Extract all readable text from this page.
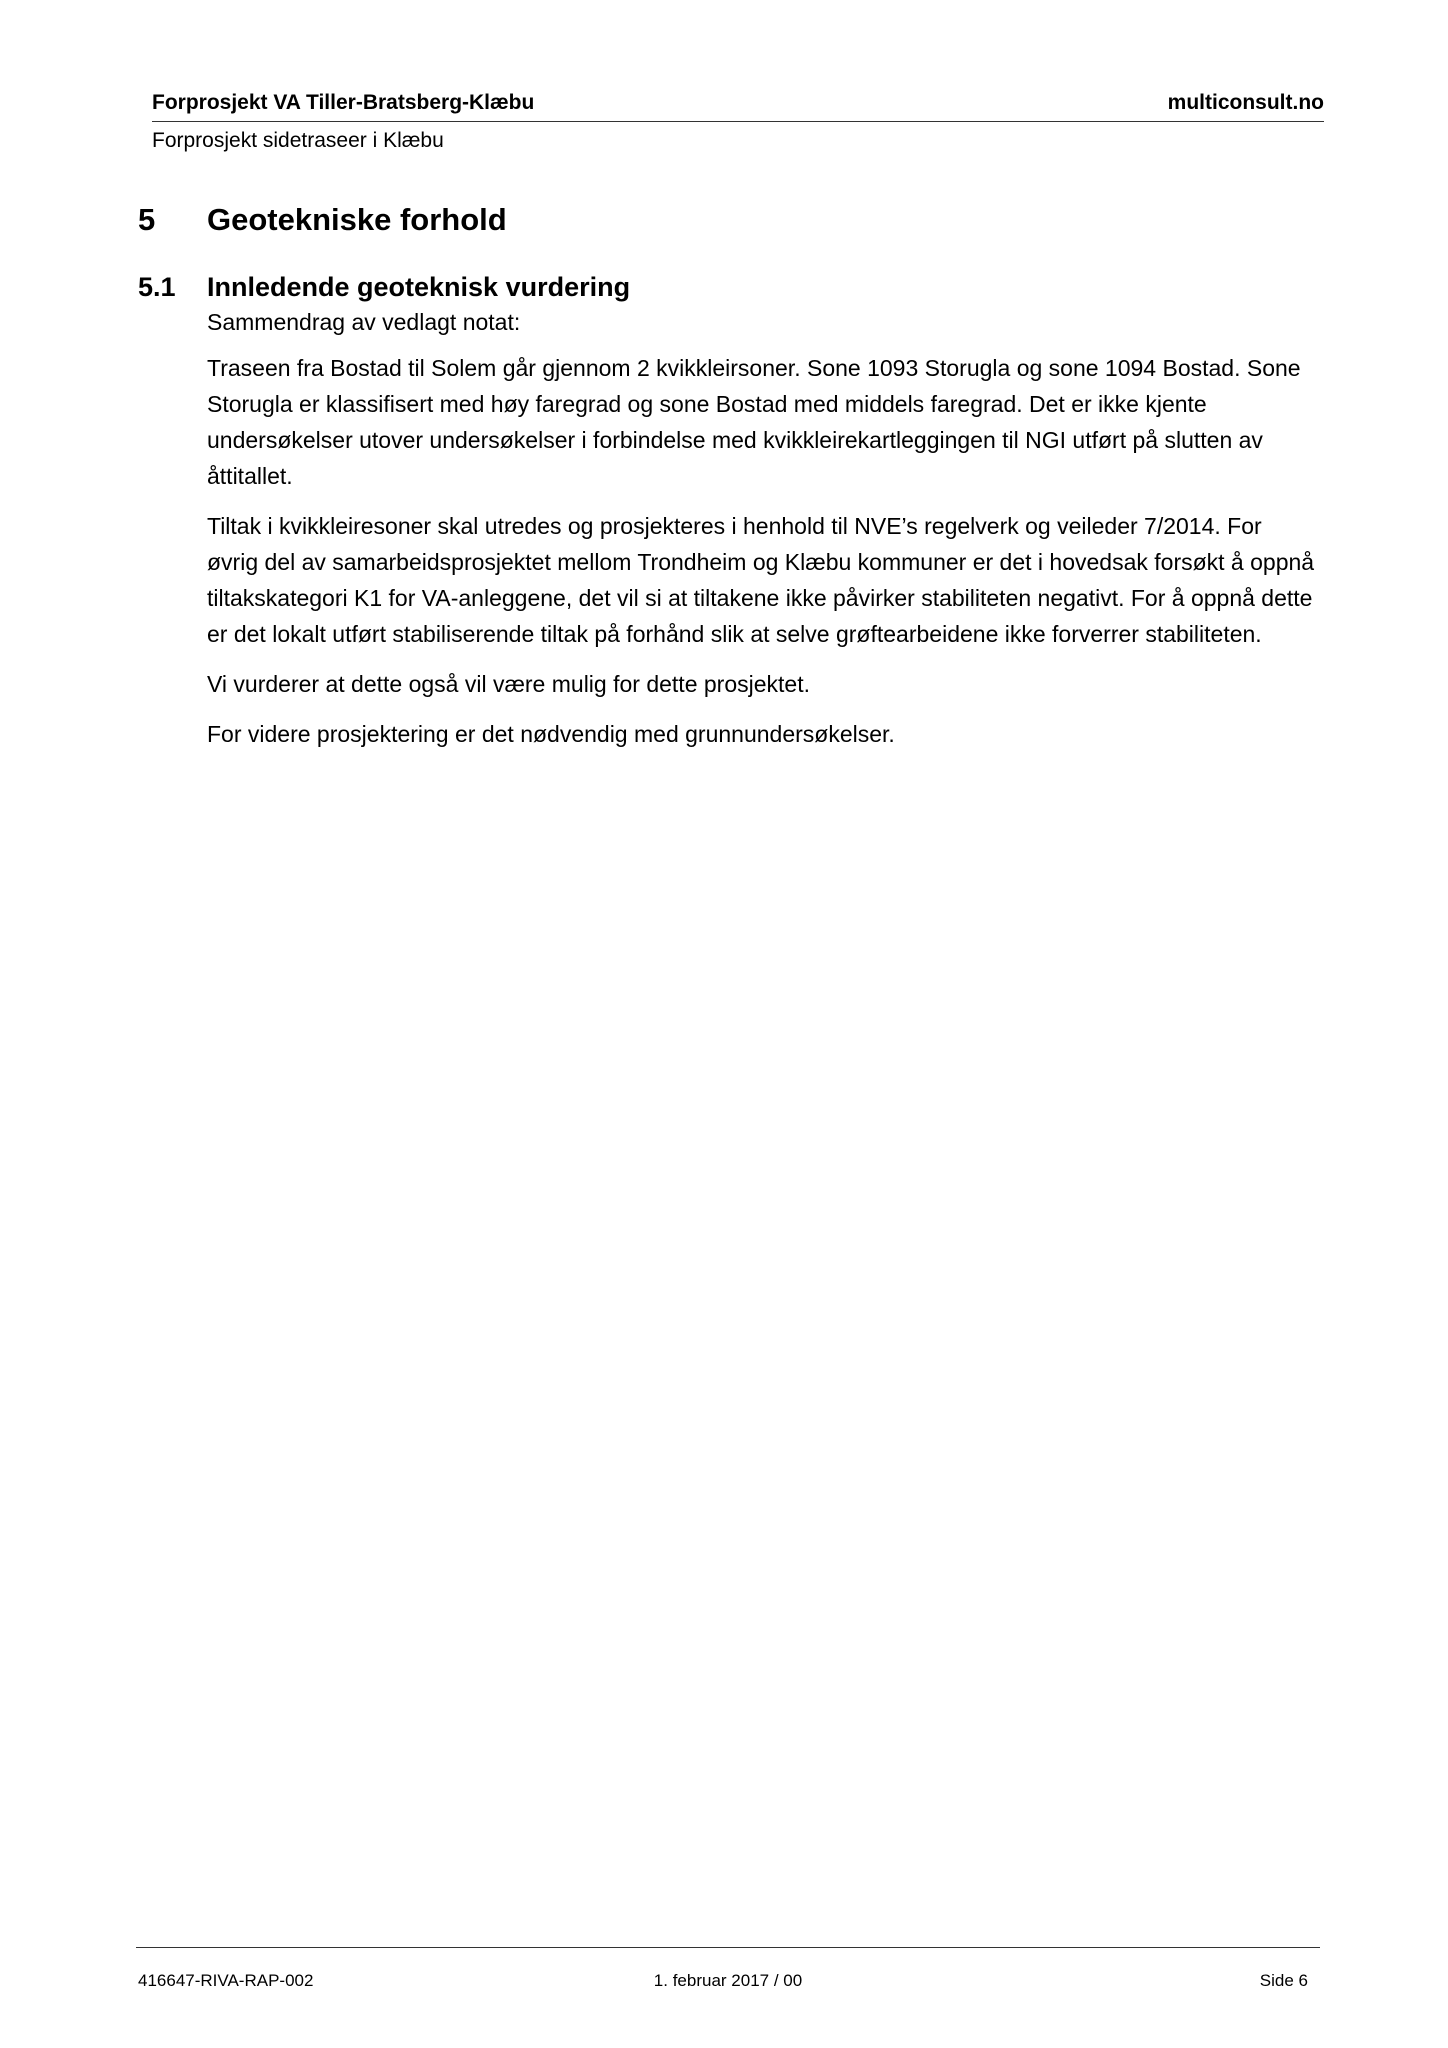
Forprosjekt VA Tiller-Bratsberg-Klæbu	multiconsult.no
Forprosjekt sidetraseer i Klæbu
5 Geotekniske forhold
5.1 Innledende geoteknisk vurdering

Sammendrag av vedlagt notat:

Traseen fra Bostad til Solem går gjennom 2 kvikkleirsoner. Sone 1093 Storugla og sone 1094 Bostad. Sone Storugla er klassifisert med høy faregrad og sone Bostad med middels faregrad. Det er ikke kjente undersøkelser utover undersøkelser i forbindelse med kvikkleirekartleggingen til NGI utført på slutten av åttitallet.

Tiltak i kvikkleiresoner skal utredes og prosjekteres i henhold til NVE’s regelverk og veileder 7/2014. For øvrig del av samarbeidsprosjektet mellom Trondheim og Klæbu kommuner er det i hovedsak forsøkt å oppnå tiltakskategori K1 for VA-anleggene, det vil si at tiltakene ikke påvirker stabiliteten negativt. For å oppnå dette er det lokalt utført stabiliserende tiltak på forhånd slik at selve grøftearbeidene ikke forverrer stabiliteten.

Vi vurderer at dette også vil være mulig for dette prosjektet.

For videre prosjektering er det nødvendig med grunnundersøkelser.

416647-RIVA-RAP-002	1. februar 2017 / 00	Side 6
